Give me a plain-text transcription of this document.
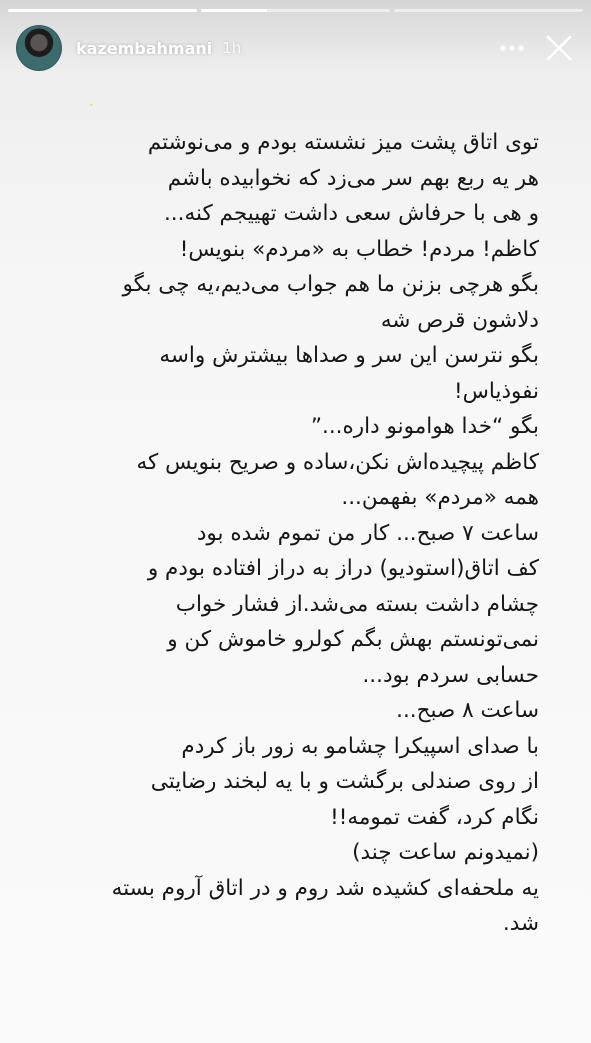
kazembahmani 1h
توی اتاق پشت میز نشسته بودم و می‌نوشتم
هر یه ربع بهم سر می‌زد که نخوابیده باشم
و هی با حرفاش سعی داشت تهییجم کنه...
کاظم! مردم! خطاب به «مردم» بنویس!
بگو هرچی بزنن ما هم جواب می‌دیم،یه چی بگو
دلاشون قرص شه
بگو نترسن این سر و صداها بیشترش واسه
نفوذیاس!
بگو “خدا هوامونو داره...”
کاظم پیچیده‌اش نکن،ساده و صریح بنویس که
همه «مردم» بفهمن...
ساعت ۷ صبح... کار من تموم شده بود
کف اتاق(استودیو) دراز به دراز افتاده بودم و
چشام داشت بسته می‌شد.از فشار خواب
نمی‌تونستم بهش بگم کولرو خاموش کن و
حسابی سردم بود...
ساعت ۸ صبح...
با صدای اسپیکرا چشامو به زور باز کردم
از روی صندلی برگشت و با یه لبخند رضایتی
نگام کرد، گفت تمومه!!
(نمیدونم ساعت چند)
یه ملحفه‌ای کشیده شد روم و در اتاق آروم بسته
شد.
